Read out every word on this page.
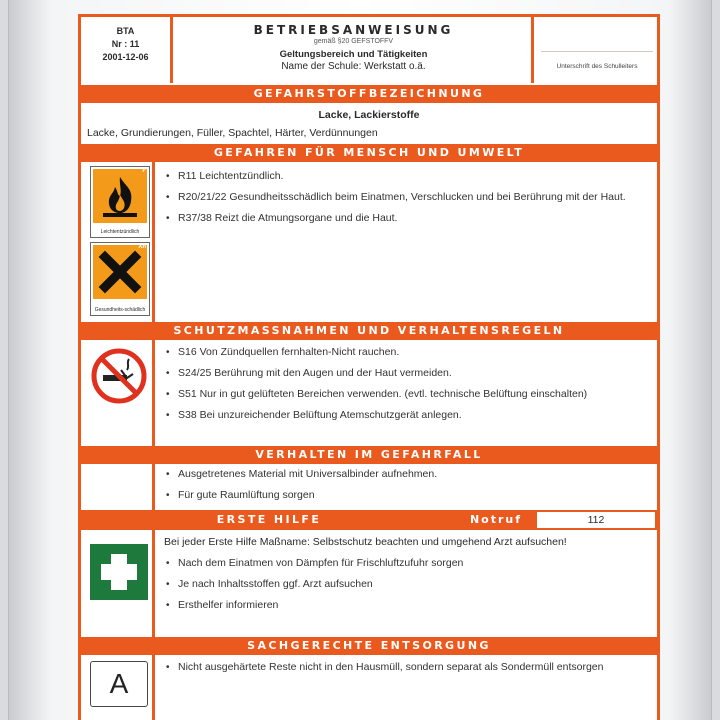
BTA
Nr : 11
2001-12-06
BETRIEBSANWEISUNG
gemäß §20 GEFSTOFFV
Geltungsbereich und Tätigkeiten
Name der Schule: Werkstatt o.ä.	Unterschrift des Schulleiters
GEFAHRSTOFFBEZEICHNUNG
Lacke, Lackierstoffe
Lacke, Grundierungen, Füller, Spachtel, Härter, Verdünnungen
GEFAHREN FÜR MENSCH UND UMWELT
F
Leichtentzündlich
Xn
Gesundheits-schädlich
• R11 Leichtentzündlich.
• R20/21/22 Gesundheitsschädlich beim Einatmen, Verschlucken und bei Berührung mit der Haut.
• R37/38 Reizt die Atmungsorgane und die Haut.
SCHUTZMASSNAHMEN UND VERHALTENSREGELN
• S16 Von Zündquellen fernhalten-Nicht rauchen.
• S24/25 Berührung mit den Augen und der Haut vermeiden.
• S51 Nur in gut gelüfteten Bereichen verwenden. (evtl. technische Belüftung einschalten)
• S38 Bei unzureichender Belüftung Atemschutzgerät anlegen.
VERHALTEN IM GEFAHRFALL
• Ausgetretenes Material mit Universalbinder aufnehmen.
• Für gute Raumlüftung sorgen
ERSTE HILFE	Notruf	112
Bei jeder Erste Hilfe Maßname: Selbstschutz beachten und umgehend Arzt aufsuchen!
• Nach dem Einatmen von Dämpfen für Frischluftzufuhr sorgen
• Je nach Inhaltsstoffen ggf. Arzt aufsuchen
• Ersthelfer informieren
SACHGERECHTE ENTSORGUNG
A
• Nicht ausgehärtete Reste nicht in den Hausmüll, sondern separat als Sondermüll entsorgen
